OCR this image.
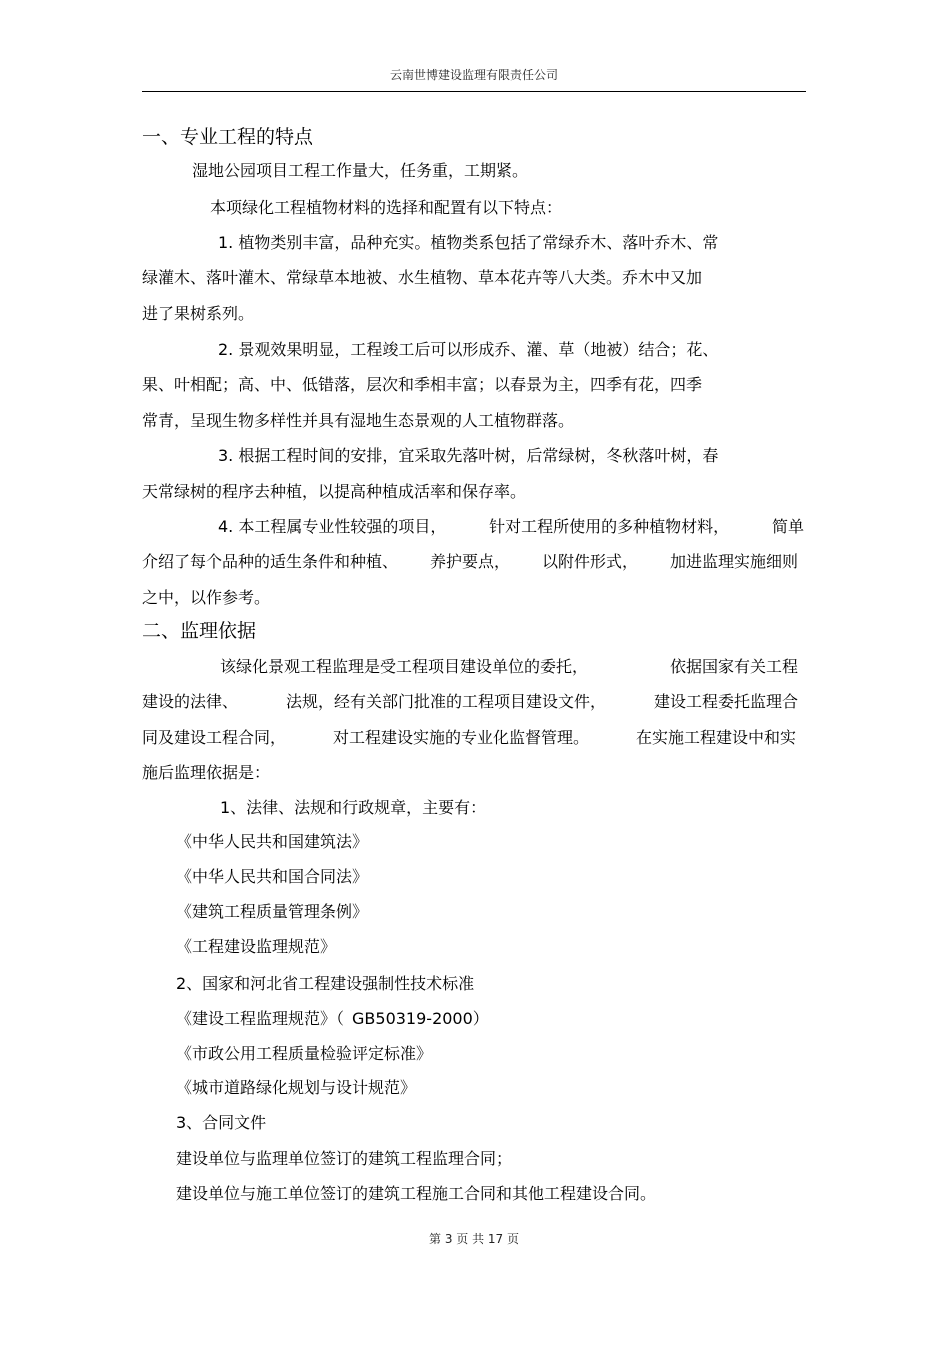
云南世博建设监理有限责任公司
一、专业工程的特点
湿地公园项目工程工作量大，任务重，工期紧。
本项绿化工程植物材料的选择和配置有以下特点：
1. 植物类别丰富，品种充实。植物类系包括了常绿乔木、落叶乔木、常
绿灌木、落叶灌木、常绿草本地被、水生植物、草本花卉等八大类。乔木中又加
进了果树系列。
2. 景观效果明显，工程竣工后可以形成乔、灌、草（地被）结合；花、
果、叶相配；高、中、低错落，层次和季相丰富；以春景为主，四季有花，四季
常青，呈现生物多样性并具有湿地生态景观的人工植物群落。
3. 根据工程时间的安排，宜采取先落叶树，后常绿树，冬秋落叶树，春
天常绿树的程序去种植，以提高种植成活率和保存率。
4. 本工程属专业性较强的项目，	针对工程所使用的多种植物材料，	简单
介绍了每个品种的适生条件和种植、 养护要点， 以附件形式， 加进监理实施细则
之中，以作参考。
二、监理依据
该绿化景观工程监理是受工程项目建设单位的委托，	依据国家有关工程
建设的法律、	法规，经有关部门批准的工程项目建设文件，	建设工程委托监理合
同及建设工程合同，	对工程建设实施的专业化监督管理。	在实施工程建设中和实
施后监理依据是：
1、法律、法规和行政规章，主要有：
《中华人民共和国建筑法》
《中华人民共和国合同法》
《建筑工程质量管理条例》
《工程建设监理规范》
2、国家和河北省工程建设强制性技术标准
《建设工程监理规范》（ GB50319-2000）
《市政公用工程质量检验评定标准》
《城市道路绿化规划与设计规范》
3、合同文件
建设单位与监理单位签订的建筑工程监理合同；
建设单位与施工单位签订的建筑工程施工合同和其他工程建设合同。
第 3 页 共 17 页
